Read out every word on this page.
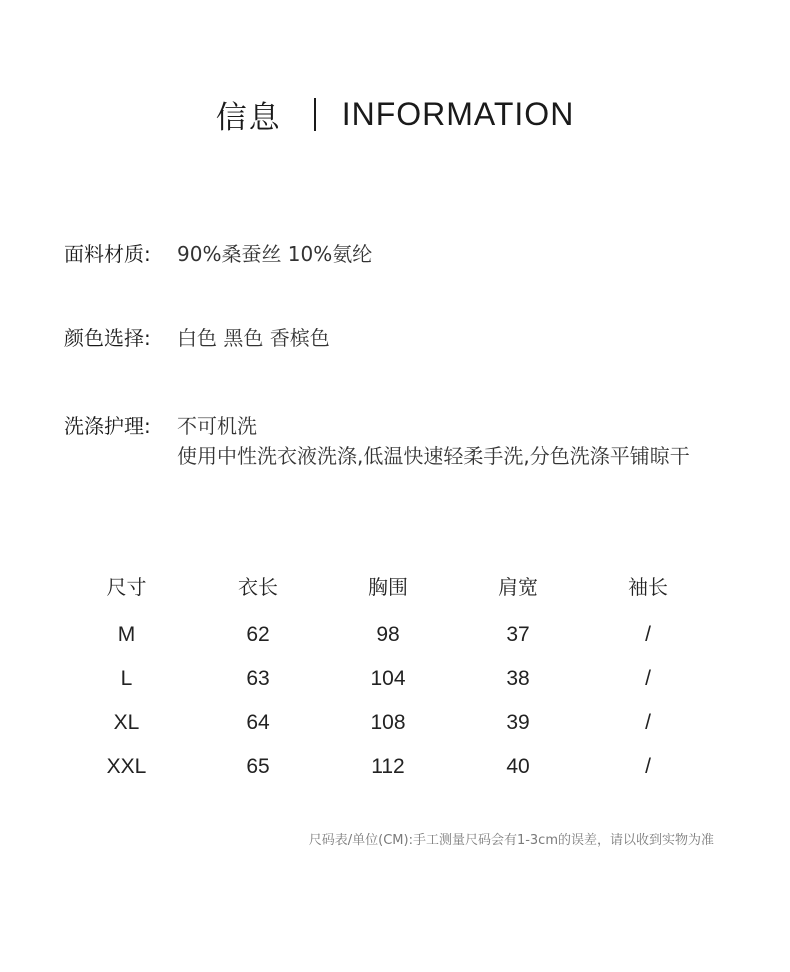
信息 INFORMATION
面料材质:	90%桑蚕丝 10%氨纶
颜色选择:	白色 黑色 香槟色
洗涤护理:	不可机洗
使用中性洗衣液洗涤,低温快速轻柔手洗,分色洗涤平铺晾干
尺寸	衣长	胸围	肩宽	袖长
M	62	98	37	/
L	63	104	38	/
XL	64	108	39	/
XXL	65	112	40	/
尺码表/单位(CM):手工测量尺码会有1-3cm的误差，请以收到实物为准
